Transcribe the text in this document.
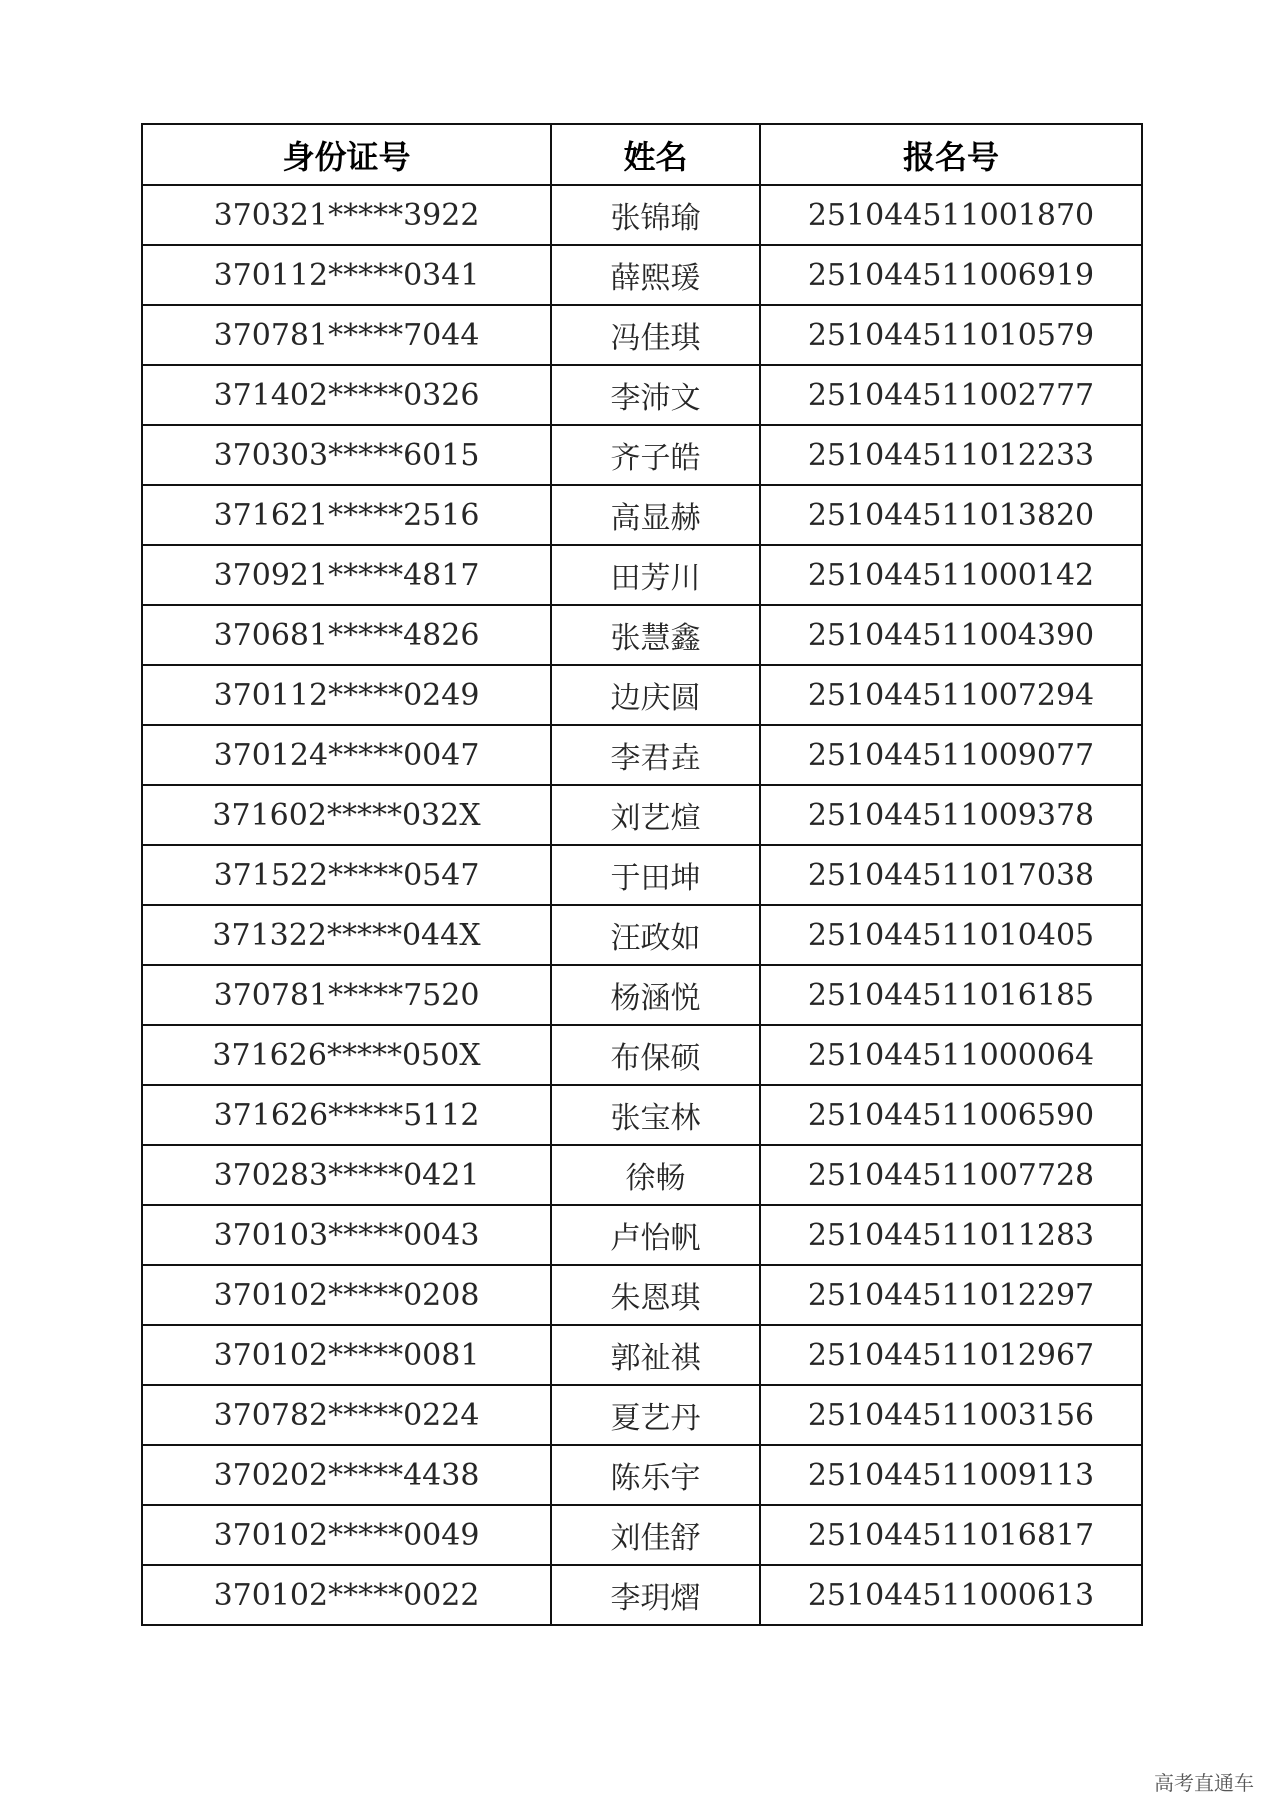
身份证号	姓名	报名号
370321*****3922	张锦瑜	251044511001870
370112*****0341	薛熙瑗	251044511006919
370781*****7044	冯佳琪	251044511010579
371402*****0326	李沛文	251044511002777
370303*****6015	齐子皓	251044511012233
371621*****2516	高显赫	251044511013820
370921*****4817	田芳川	251044511000142
370681*****4826	张慧鑫	251044511004390
370112*****0249	边庆圆	251044511007294
370124*****0047	李君垚	251044511009077
371602*****032X	刘艺煊	251044511009378
371522*****0547	于田坤	251044511017038
371322*****044X	汪政如	251044511010405
370781*****7520	杨涵悦	251044511016185
371626*****050X	布保硕	251044511000064
371626*****5112	张宝林	251044511006590
370283*****0421	徐畅	251044511007728
370103*****0043	卢怡帆	251044511011283
370102*****0208	朱恩琪	251044511012297
370102*****0081	郭祉祺	251044511012967
370782*****0224	夏艺丹	251044511003156
370202*****4438	陈乐宇	251044511009113
370102*****0049	刘佳舒	251044511016817
370102*****0022	李玥熠	251044511000613
高考直通车
